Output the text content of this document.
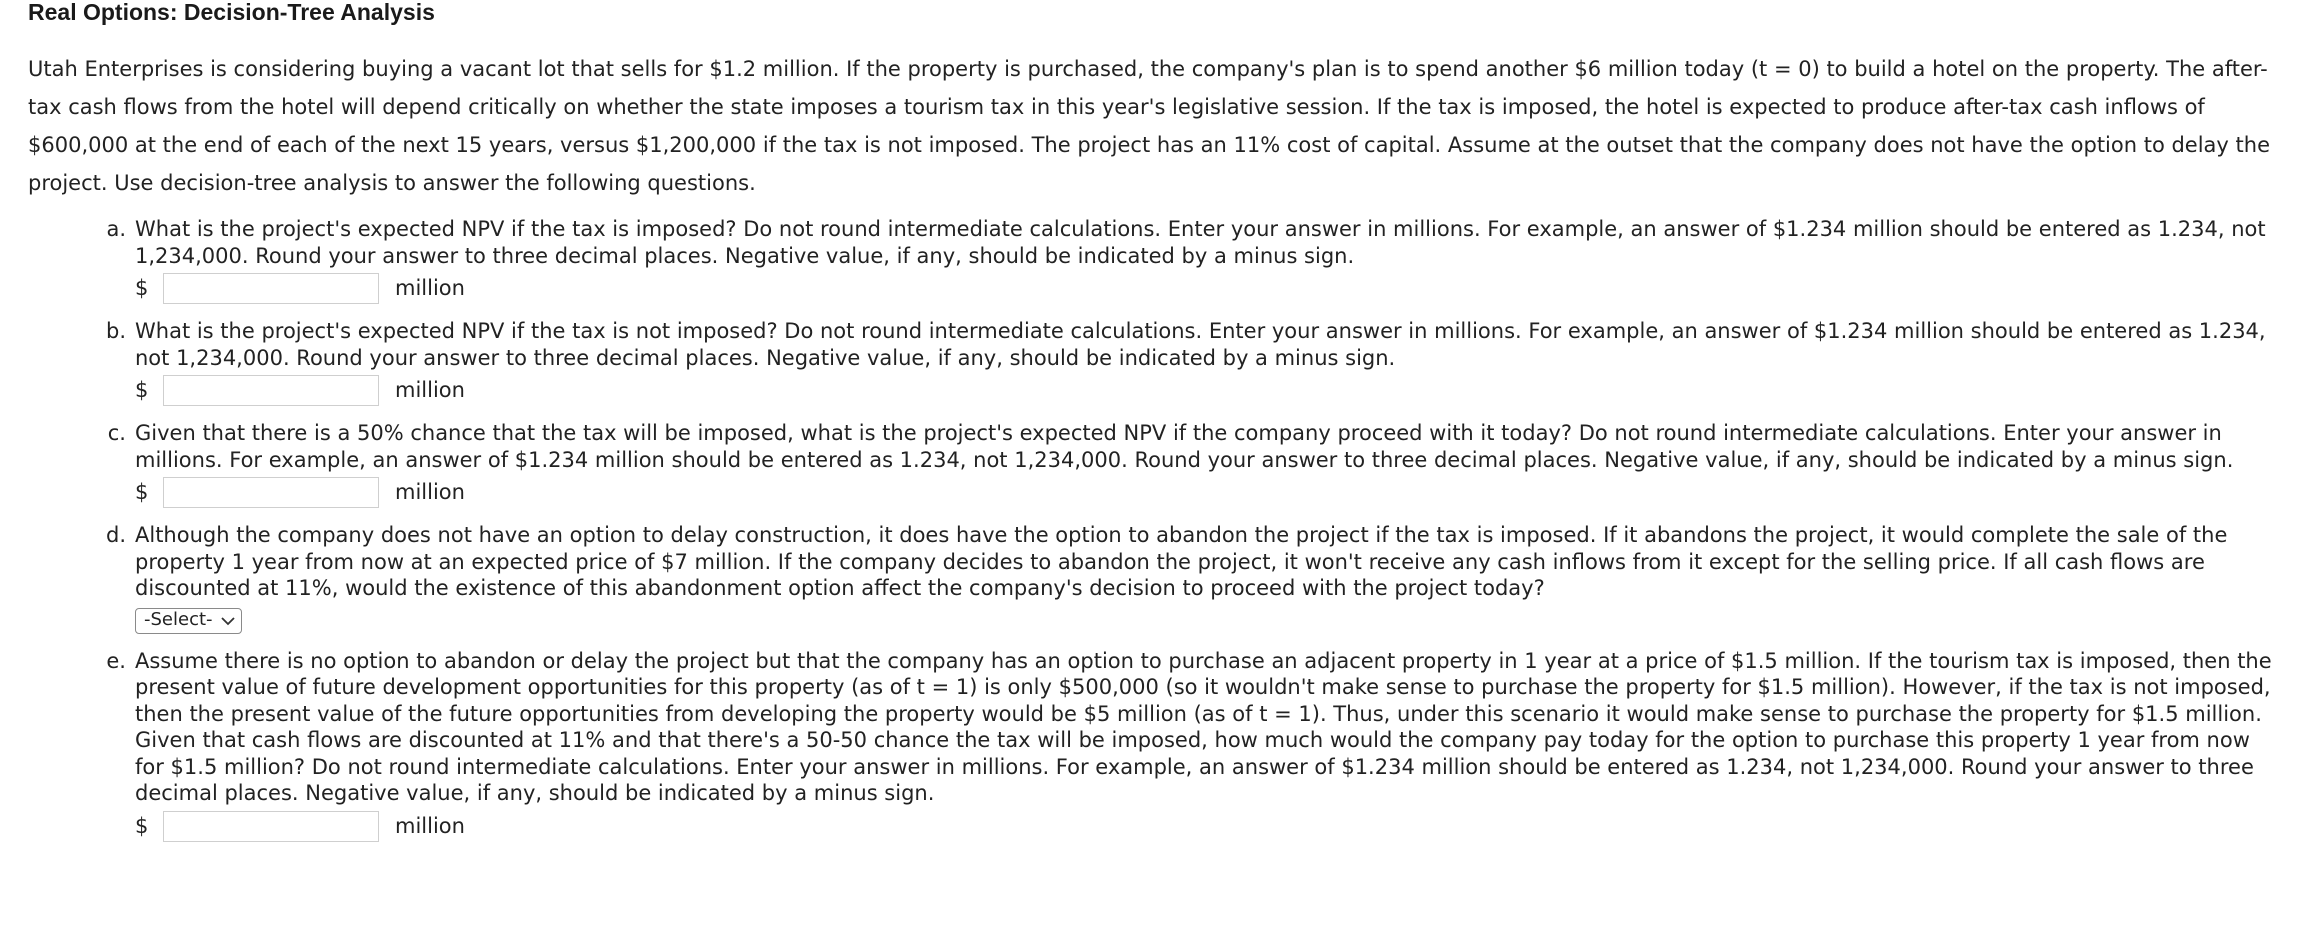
Real Options: Decision-Tree Analysis

Utah Enterprises is considering buying a vacant lot that sells for $1.2 million. If the property is purchased, the company's plan is to spend another $6 million today (t = 0) to build a hotel on the property. The after-tax cash flows from the hotel will depend critically on whether the state imposes a tourism tax in this year's legislative session. If the tax is imposed, the hotel is expected to produce after-tax cash inflows of $600,000 at the end of each of the next 15 years, versus $1,200,000 if the tax is not imposed. The project has an 11% cost of capital. Assume at the outset that the company does not have the option to delay the project. Use decision-tree analysis to answer the following questions.

a. What is the project's expected NPV if the tax is imposed? Do not round intermediate calculations. Enter your answer in millions. For example, an answer of $1.234 million should be entered as 1.234, not 1,234,000. Round your answer to three decimal places. Negative value, if any, should be indicated by a minus sign.
$	million
b. What is the project's expected NPV if the tax is not imposed? Do not round intermediate calculations. Enter your answer in millions. For example, an answer of $1.234 million should be entered as 1.234, not 1,234,000. Round your answer to three decimal places. Negative value, if any, should be indicated by a minus sign.
$	million
c. Given that there is a 50% chance that the tax will be imposed, what is the project's expected NPV if the company proceed with it today? Do not round intermediate calculations. Enter your answer in millions. For example, an answer of $1.234 million should be entered as 1.234, not 1,234,000. Round your answer to three decimal places. Negative value, if any, should be indicated by a minus sign.
$	million
d. Although the company does not have an option to delay construction, it does have the option to abandon the project if the tax is imposed. If it abandons the project, it would complete the sale of the property 1 year from now at an expected price of $7 million. If the company decides to abandon the project, it won't receive any cash inflows from it except for the selling price. If all cash flows are discounted at 11%, would the existence of this abandonment option affect the company's decision to proceed with the project today?
-Select-
e. Assume there is no option to abandon or delay the project but that the company has an option to purchase an adjacent property in 1 year at a price of $1.5 million. If the tourism tax is imposed, then the present value of future development opportunities for this property (as of t = 1) is only $500,000 (so it wouldn't make sense to purchase the property for $1.5 million). However, if the tax is not imposed, then the present value of the future opportunities from developing the property would be $5 million (as of t = 1). Thus, under this scenario it would make sense to purchase the property for $1.5 million. Given that cash flows are discounted at 11% and that there's a 50-50 chance the tax will be imposed, how much would the company pay today for the option to purchase this property 1 year from now for $1.5 million? Do not round intermediate calculations. Enter your answer in millions. For example, an answer of $1.234 million should be entered as 1.234, not 1,234,000. Round your answer to three decimal places. Negative value, if any, should be indicated by a minus sign.
$	million
